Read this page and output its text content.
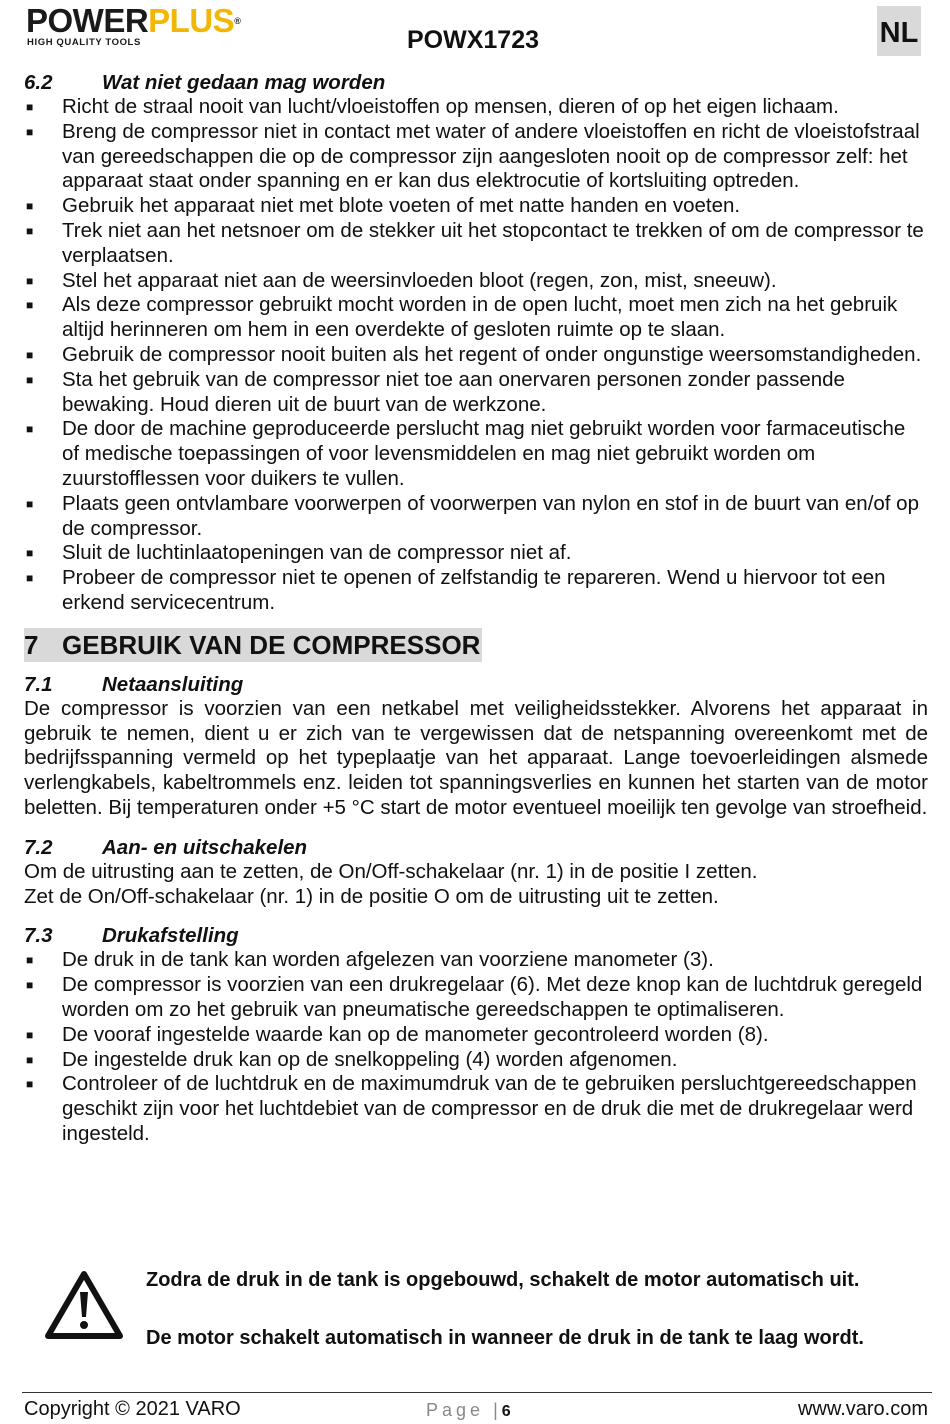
POWERPLUS®
HIGH QUALITY TOOLS	POWX1723	NL
6.2 Wat niet gedaan mag worden
■ Richt de straal nooit van lucht/vloeistoffen op mensen, dieren of op het eigen lichaam.
■ Breng de compressor niet in contact met water of andere vloeistoffen en richt de vloeistofstraal van gereedschappen die op de compressor zijn aangesloten nooit op de compressor zelf: het apparaat staat onder spanning en er kan dus elektrocutie of kortsluiting optreden.
■ Gebruik het apparaat niet met blote voeten of met natte handen en voeten.
■ Trek niet aan het netsnoer om de stekker uit het stopcontact te trekken of om de compressor te verplaatsen.
■ Stel het apparaat niet aan de weersinvloeden bloot (regen, zon, mist, sneeuw).
■ Als deze compressor gebruikt mocht worden in de open lucht, moet men zich na het gebruik altijd herinneren om hem in een overdekte of gesloten ruimte op te slaan.
■ Gebruik de compressor nooit buiten als het regent of onder ongunstige weersomstandigheden.
■ Sta het gebruik van de compressor niet toe aan onervaren personen zonder passende bewaking. Houd dieren uit de buurt van de werkzone.
■ De door de machine geproduceerde perslucht mag niet gebruikt worden voor farmaceutische of medische toepassingen of voor levensmiddelen en mag niet gebruikt worden om zuurstofflessen voor duikers te vullen.
■ Plaats geen ontvlambare voorwerpen of voorwerpen van nylon en stof in de buurt van en/of op de compressor.
■ Sluit de luchtinlaatopeningen van de compressor niet af.
■ Probeer de compressor niet te openen of zelfstandig te repareren. Wend u hiervoor tot een erkend servicecentrum.
7 GEBRUIK VAN DE COMPRESSOR
7.1 Netaansluiting
De compressor is voorzien van een netkabel met veiligheidsstekker. Alvorens het apparaat in gebruik te nemen, dient u er zich van te vergewissen dat de netspanning overeenkomt met de bedrijfsspanning vermeld op het typeplaatje van het apparaat. Lange toevoerleidingen alsmede verlengkabels, kabeltrommels enz. leiden tot spanningsverlies en kunnen het starten van de motor beletten. Bij temperaturen onder +5 °C start de motor eventueel moeilijk ten gevolge van stroefheid.
7.2 Aan- en uitschakelen
Om de uitrusting aan te zetten, de On/Off-schakelaar (nr. 1) in de positie I zetten.
Zet de On/Off-schakelaar (nr. 1) in de positie O om de uitrusting uit te zetten.
7.3 Drukafstelling
■ De druk in de tank kan worden afgelezen van voorziene manometer (3).
■ De compressor is voorzien van een drukregelaar (6). Met deze knop kan de luchtdruk geregeld worden om zo het gebruik van pneumatische gereedschappen te optimaliseren.
■ De vooraf ingestelde waarde kan op de manometer gecontroleerd worden (8).
■ De ingestelde druk kan op de snelkoppeling (4) worden afgenomen.
■ Controleer of de luchtdruk en de maximumdruk van de te gebruiken persluchtgereedschappen geschikt zijn voor het luchtdebiet van de compressor en de druk die met de drukregelaar werd ingesteld.

Zodra de druk in de tank is opgebouwd, schakelt de motor automatisch uit.

De motor schakelt automatisch in wanneer de druk in de tank te laag wordt.

Copyright © 2021 VARO	Page |6	www.varo.com
